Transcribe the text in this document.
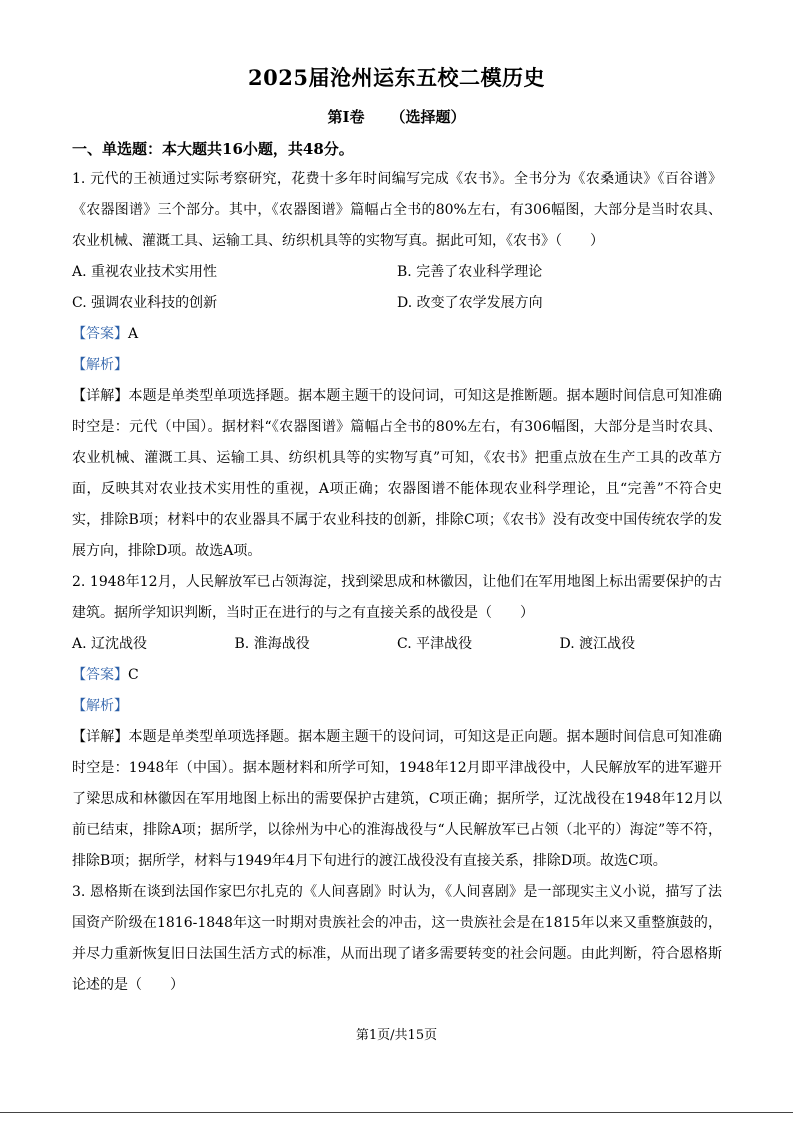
2025届沧州运东五校二模历史
第Ⅰ卷 （选择题）
一、单选题：本大题共16小题，共48分。

1. 元代的王祯通过实际考察研究，花费十多年时间编写完成《农书》。全书分为《农桑通诀》《百谷谱》《农器图谱》三个部分。其中，《农器图谱》篇幅占全书的80%左右，有306幅图，大部分是当时农具、农业机械、灌溉工具、运输工具、纺织机具等的实物写真。据此可知，《农书》（　　）

A. 重视农业技术实用性	B. 完善了农业科学理论
C. 强调农业科技的创新	D. 改变了农学发展方向

【答案】A

【解析】

【详解】本题是单类型单项选择题。据本题主题干的设问词，可知这是推断题。据本题时间信息可知准确时空是：元代（中国）。据材料“《农器图谱》篇幅占全书的80%左右，有306幅图，大部分是当时农具、农业机械、灌溉工具、运输工具、纺织机具等的实物写真”可知，《农书》把重点放在生产工具的改革方面，反映其对农业技术实用性的重视，A项正确；农器图谱不能体现农业科学理论，且“完善”不符合史实，排除B项；材料中的农业器具不属于农业科技的创新，排除C项；《农书》没有改变中国传统农学的发展方向，排除D项。故选A项。

2. 1948年12月，人民解放军已占领海淀，找到梁思成和林徽因，让他们在军用地图上标出需要保护的古建筑。据所学知识判断，当时正在进行的与之有直接关系的战役是（　　）

A. 辽沈战役	B. 淮海战役	C. 平津战役	D. 渡江战役

【答案】C

【解析】

【详解】本题是单类型单项选择题。据本题主题干的设问词，可知这是正向题。据本题时间信息可知准确时空是：1948年（中国）。据本题材料和所学可知，1948年12月即平津战役中，人民解放军的进军避开了梁思成和林徽因在军用地图上标出的需要保护古建筑，C项正确；据所学，辽沈战役在1948年12月以前已结束，排除A项；据所学，以徐州为中心的淮海战役与“人民解放军已占领（北平的）海淀”等不符，排除B项；据所学，材料与1949年4月下旬进行的渡江战役没有直接关系，排除D项。故选C项。

3. 恩格斯在谈到法国作家巴尔扎克的《人间喜剧》时认为，《人间喜剧》是一部现实主义小说，描写了法国资产阶级在1816-1848年这一时期对贵族社会的冲击，这一贵族社会是在1815年以来又重整旗鼓的，并尽力重新恢复旧日法国生活方式的标准，从而出现了诸多需要转变的社会问题。由此判断，符合恩格斯论述的是（　　）

第1页/共15页
